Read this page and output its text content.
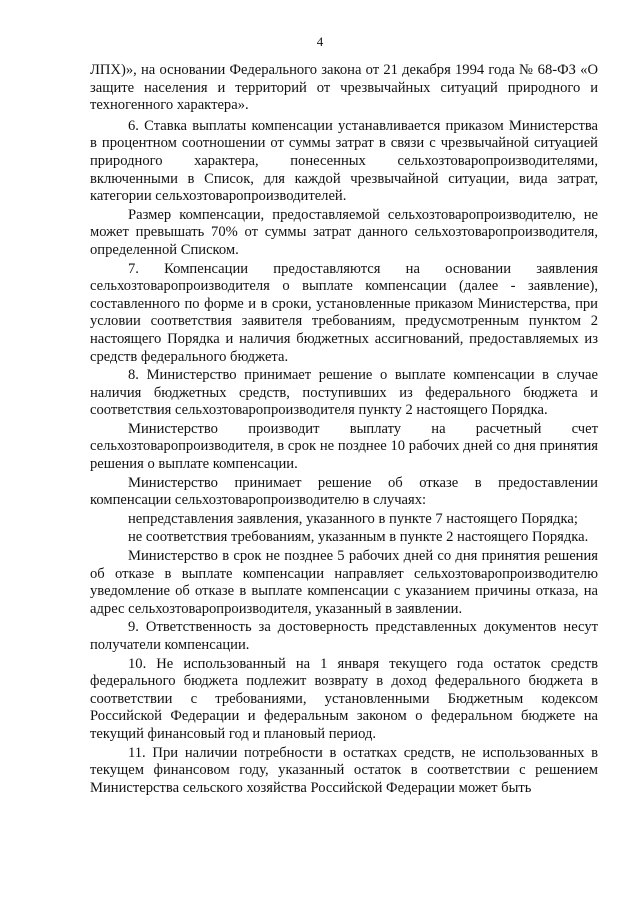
4

ЛПХ)», на основании Федерального закона от 21 декабря 1994 года № 68-ФЗ «О защите населения и территорий от чрезвычайных ситуаций природного и техногенного характера».

6. Ставка выплаты компенсации устанавливается приказом Министерства в процентном соотношении от суммы затрат в связи с чрезвычайной ситуацией природного характера, понесенных сельхозтоваропроизводителями, включенными в Список, для каждой чрезвычайной ситуации, вида затрат, категории сельхозтоваропроизводителей.

Размер компенсации, предоставляемой сельхозтоваропроизводителю, не может превышать 70% от суммы затрат данного сельхозтоваропроизводителя, определенной Списком.

7. Компенсации предоставляются на основании заявления сельхозтоваропроизводителя о выплате компенсации (далее - заявление), составленного по форме и в сроки, установленные приказом Министерства, при условии соответствия заявителя требованиям, предусмотренным пунктом 2 настоящего Порядка и наличия бюджетных ассигнований, предоставляемых из средств федерального бюджета.

8. Министерство принимает решение о выплате компенсации в случае наличия бюджетных средств, поступивших из федерального бюджета и соответствия сельхозтоваропроизводителя пункту 2 настоящего Порядка.

Министерство производит выплату на расчетный счет сельхозтоваропроизводителя, в срок не позднее 10 рабочих дней со дня принятия решения о выплате компенсации.

Министерство принимает решение об отказе в предоставлении компенсации сельхозтоваропроизводителю в случаях:

непредставления заявления, указанного в пункте 7 настоящего Порядка;

не соответствия требованиям, указанным в пункте 2 настоящего Порядка.

Министерство в срок не позднее 5 рабочих дней со дня принятия решения об отказе в выплате компенсации направляет сельхозтоваропроизводителю уведомление об отказе в выплате компенсации с указанием причины отказа, на адрес сельхозтоваропроизводителя, указанный в заявлении.

9. Ответственность за достоверность представленных документов несут получатели компенсации.

10. Не использованный на 1 января текущего года остаток средств федерального бюджета подлежит возврату в доход федерального бюджета в соответствии с требованиями, установленными Бюджетным кодексом Российской Федерации и федеральным законом о федеральном бюджете на текущий финансовый год и плановый период.

11. При наличии потребности в остатках средств, не использованных в текущем финансовом году, указанный остаток в соответствии с решением Министерства сельского хозяйства Российской Федерации может быть
